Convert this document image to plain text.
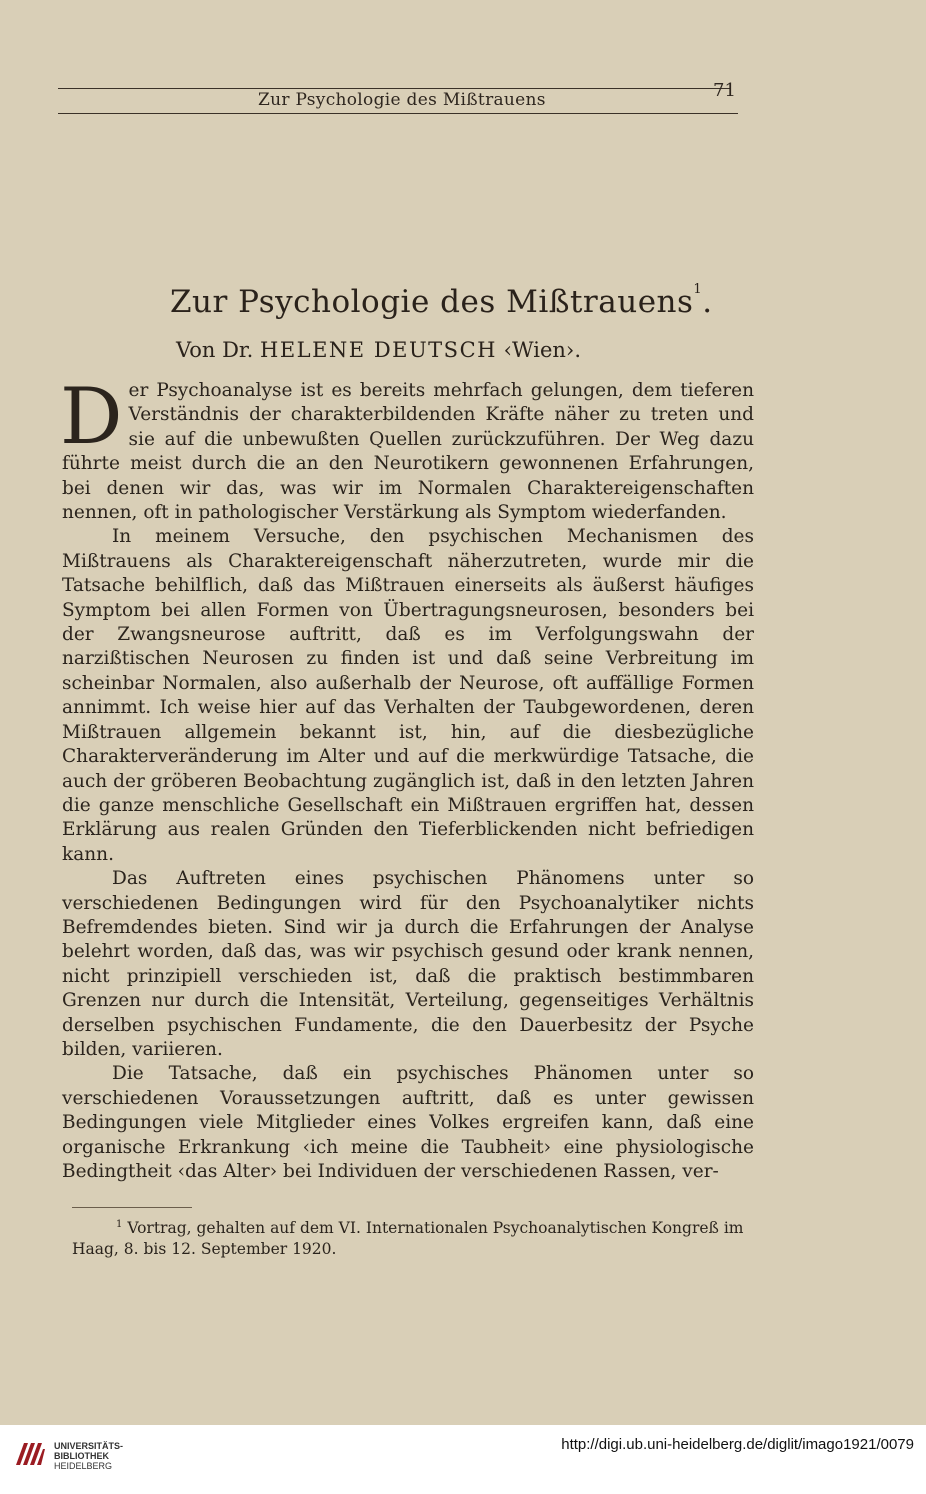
Zur Psychologie des Mißtrauens	71
Zur Psychologie des Mißtrauens$^1$.
Von Dr. HELENE DEUTSCH ‹Wien›.

Der Psychoanalyse ist es bereits mehrfach gelungen, dem tieferen Verständnis der charakterbildenden Kräfte näher zu treten und sie auf die unbewußten Quellen zurückzuführen. Der Weg dazu führte meist durch die an den Neurotikern gewonnenen Erfahrungen, bei denen wir das, was wir im Normalen Charaktereigenschaften nennen, oft in pathologischer Verstärkung als Symptom wiederfanden.

In meinem Versuche, den psychischen Mechanismen des Mißtrauens als Charaktereigenschaft näherzutreten, wurde mir die Tatsache behilflich, daß das Mißtrauen einerseits als äußerst häufiges Symptom bei allen Formen von Übertragungsneurosen, besonders bei der Zwangsneurose auftritt, daß es im Verfolgungswahn der narzißtischen Neurosen zu finden ist und daß seine Verbreitung im scheinbar Normalen, also außerhalb der Neurose, oft auffällige Formen annimmt. Ich weise hier auf das Verhalten der Taubgewordenen, deren Mißtrauen allgemein bekannt ist, hin, auf die diesbezügliche Charakterveränderung im Alter und auf die merkwürdige Tatsache, die auch der gröberen Beobachtung zugänglich ist, daß in den letzten Jahren die ganze menschliche Gesellschaft ein Mißtrauen ergriffen hat, dessen Erklärung aus realen Gründen den Tieferblickenden nicht befriedigen kann.

Das Auftreten eines psychischen Phänomens unter so verschiedenen Bedingungen wird für den Psychoanalytiker nichts Befremdendes bieten. Sind wir ja durch die Erfahrungen der Analyse belehrt worden, daß das, was wir psychisch gesund oder krank nennen, nicht prinzipiell verschieden ist, daß die praktisch bestimmbaren Grenzen nur durch die Intensität, Verteilung, gegenseitiges Verhältnis derselben psychischen Fundamente, die den Dauerbesitz der Psyche bilden, variieren.

Die Tatsache, daß ein psychisches Phänomen unter so verschiedenen Voraussetzungen auftritt, daß es unter gewissen Bedingungen viele Mitglieder eines Volkes ergreifen kann, daß eine organische Erkrankung ‹ich meine die Taubheit› eine physiologische Bedingtheit ‹das Alter› bei Individuen der verschiedenen Rassen, ver-

$^1$ Vortrag, gehalten auf dem VI. Internationalen Psychoanalytischen Kongreß im Haag, 8. bis 12. September 1920.
UNIVERSITÄTS-
BIBLIOTHEK
HEIDELBERG
http://digi.ub.uni-heidelberg.de/diglit/imago1921/0079
